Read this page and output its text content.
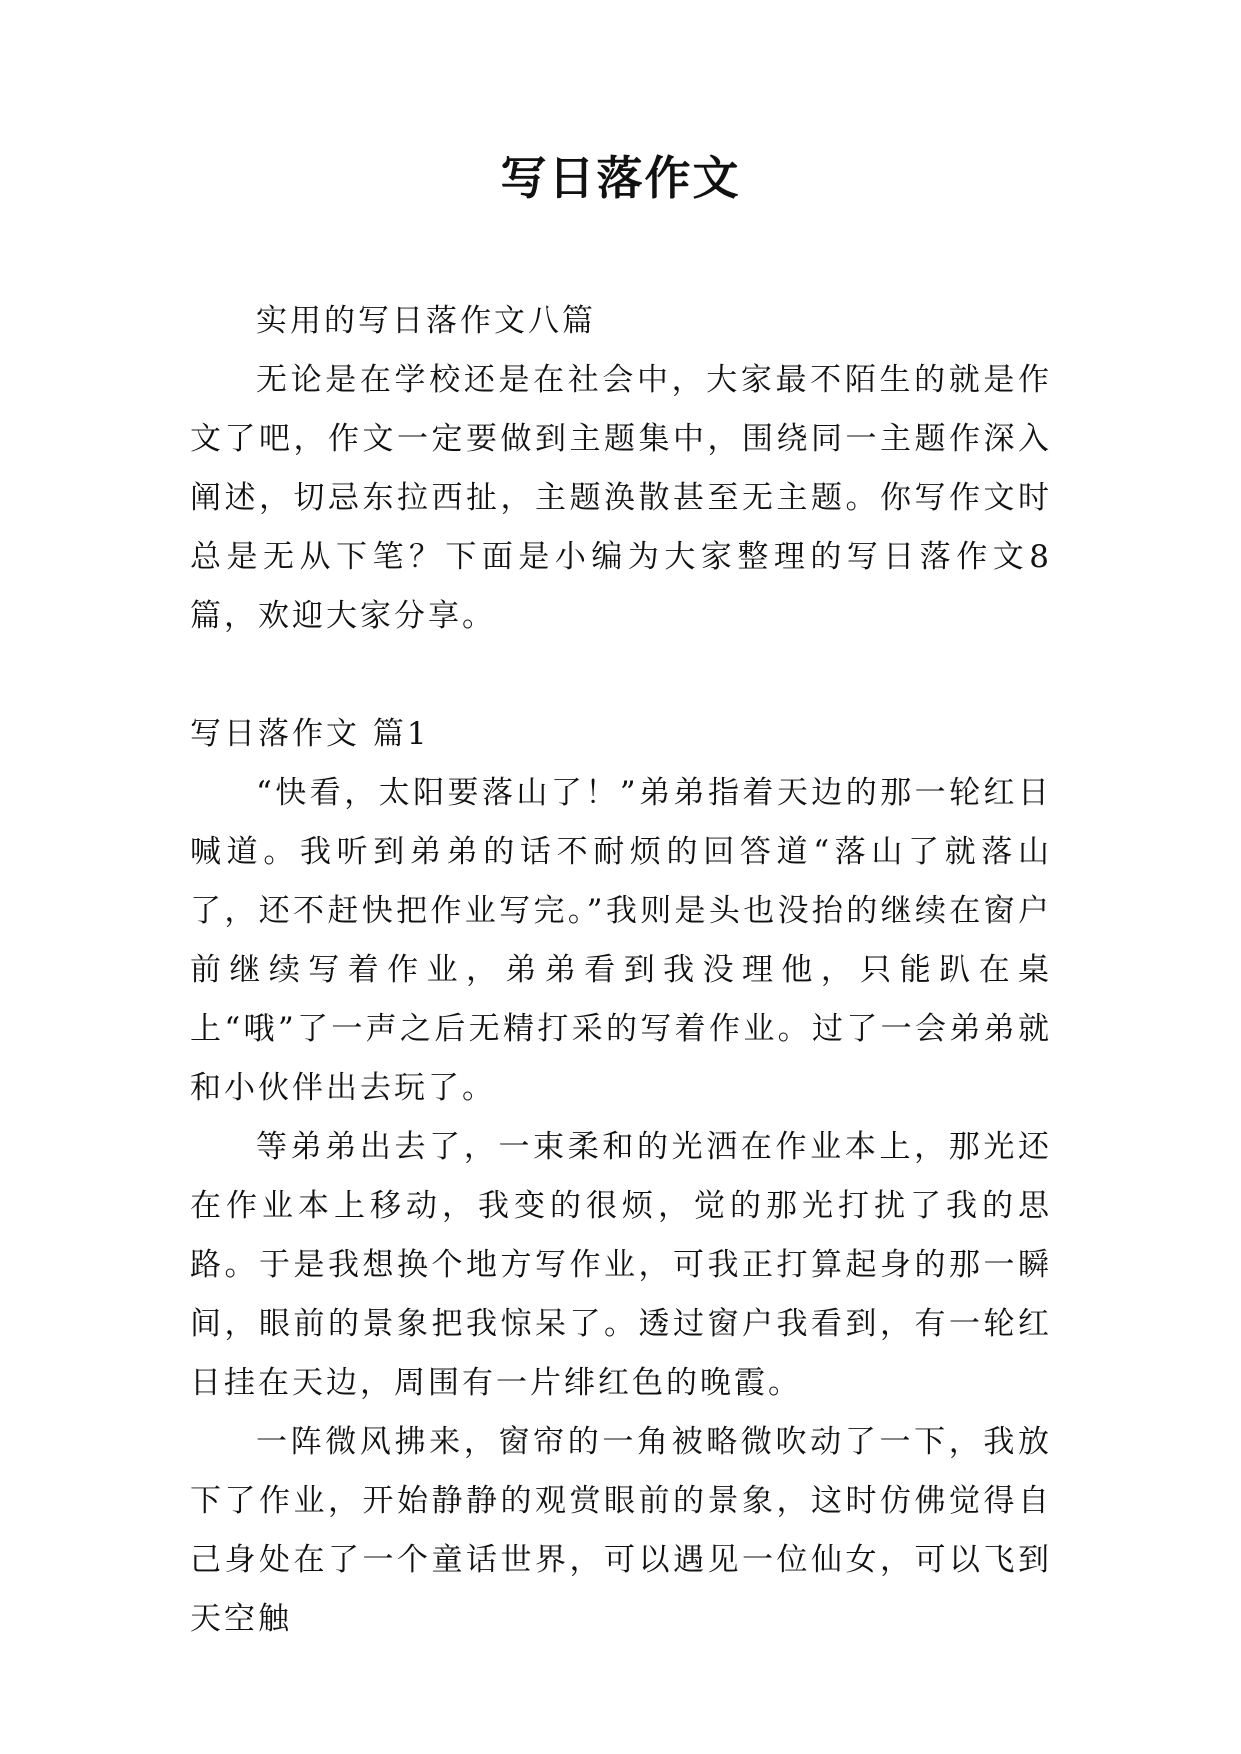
写日落作文

实用的写日落作文八篇

无论是在学校还是在社会中，大家最不陌生的就是作文了吧，作文一定要做到主题集中，围绕同一主题作深入阐述，切忌东拉西扯，主题涣散甚至无主题。你写作文时总是无从下笔？下面是小编为大家整理的写日落作文8篇，欢迎大家分享。

写日落作文 篇1

“快看，太阳要落山了！”弟弟指着天边的那一轮红日喊道。我听到弟弟的话不耐烦的回答道“落山了就落山了，还不赶快把作业写完。”我则是头也没抬的继续在窗户前继续写着作业，弟弟看到我没理他，只能趴在桌上“哦”了一声之后无精打采的写着作业。过了一会弟弟就和小伙伴出去玩了。

等弟弟出去了，一束柔和的光洒在作业本上，那光还在作业本上移动，我变的很烦，觉的那光打扰了我的思路。于是我想换个地方写作业，可我正打算起身的那一瞬间，眼前的景象把我惊呆了。透过窗户我看到，有一轮红日挂在天边，周围有一片绯红色的晚霞。

一阵微风拂来，窗帘的一角被略微吹动了一下，我放下了作业，开始静静的观赏眼前的景象，这时仿佛觉得自己身处在了一个童话世界，可以遇见一位仙女，可以飞到天空触
